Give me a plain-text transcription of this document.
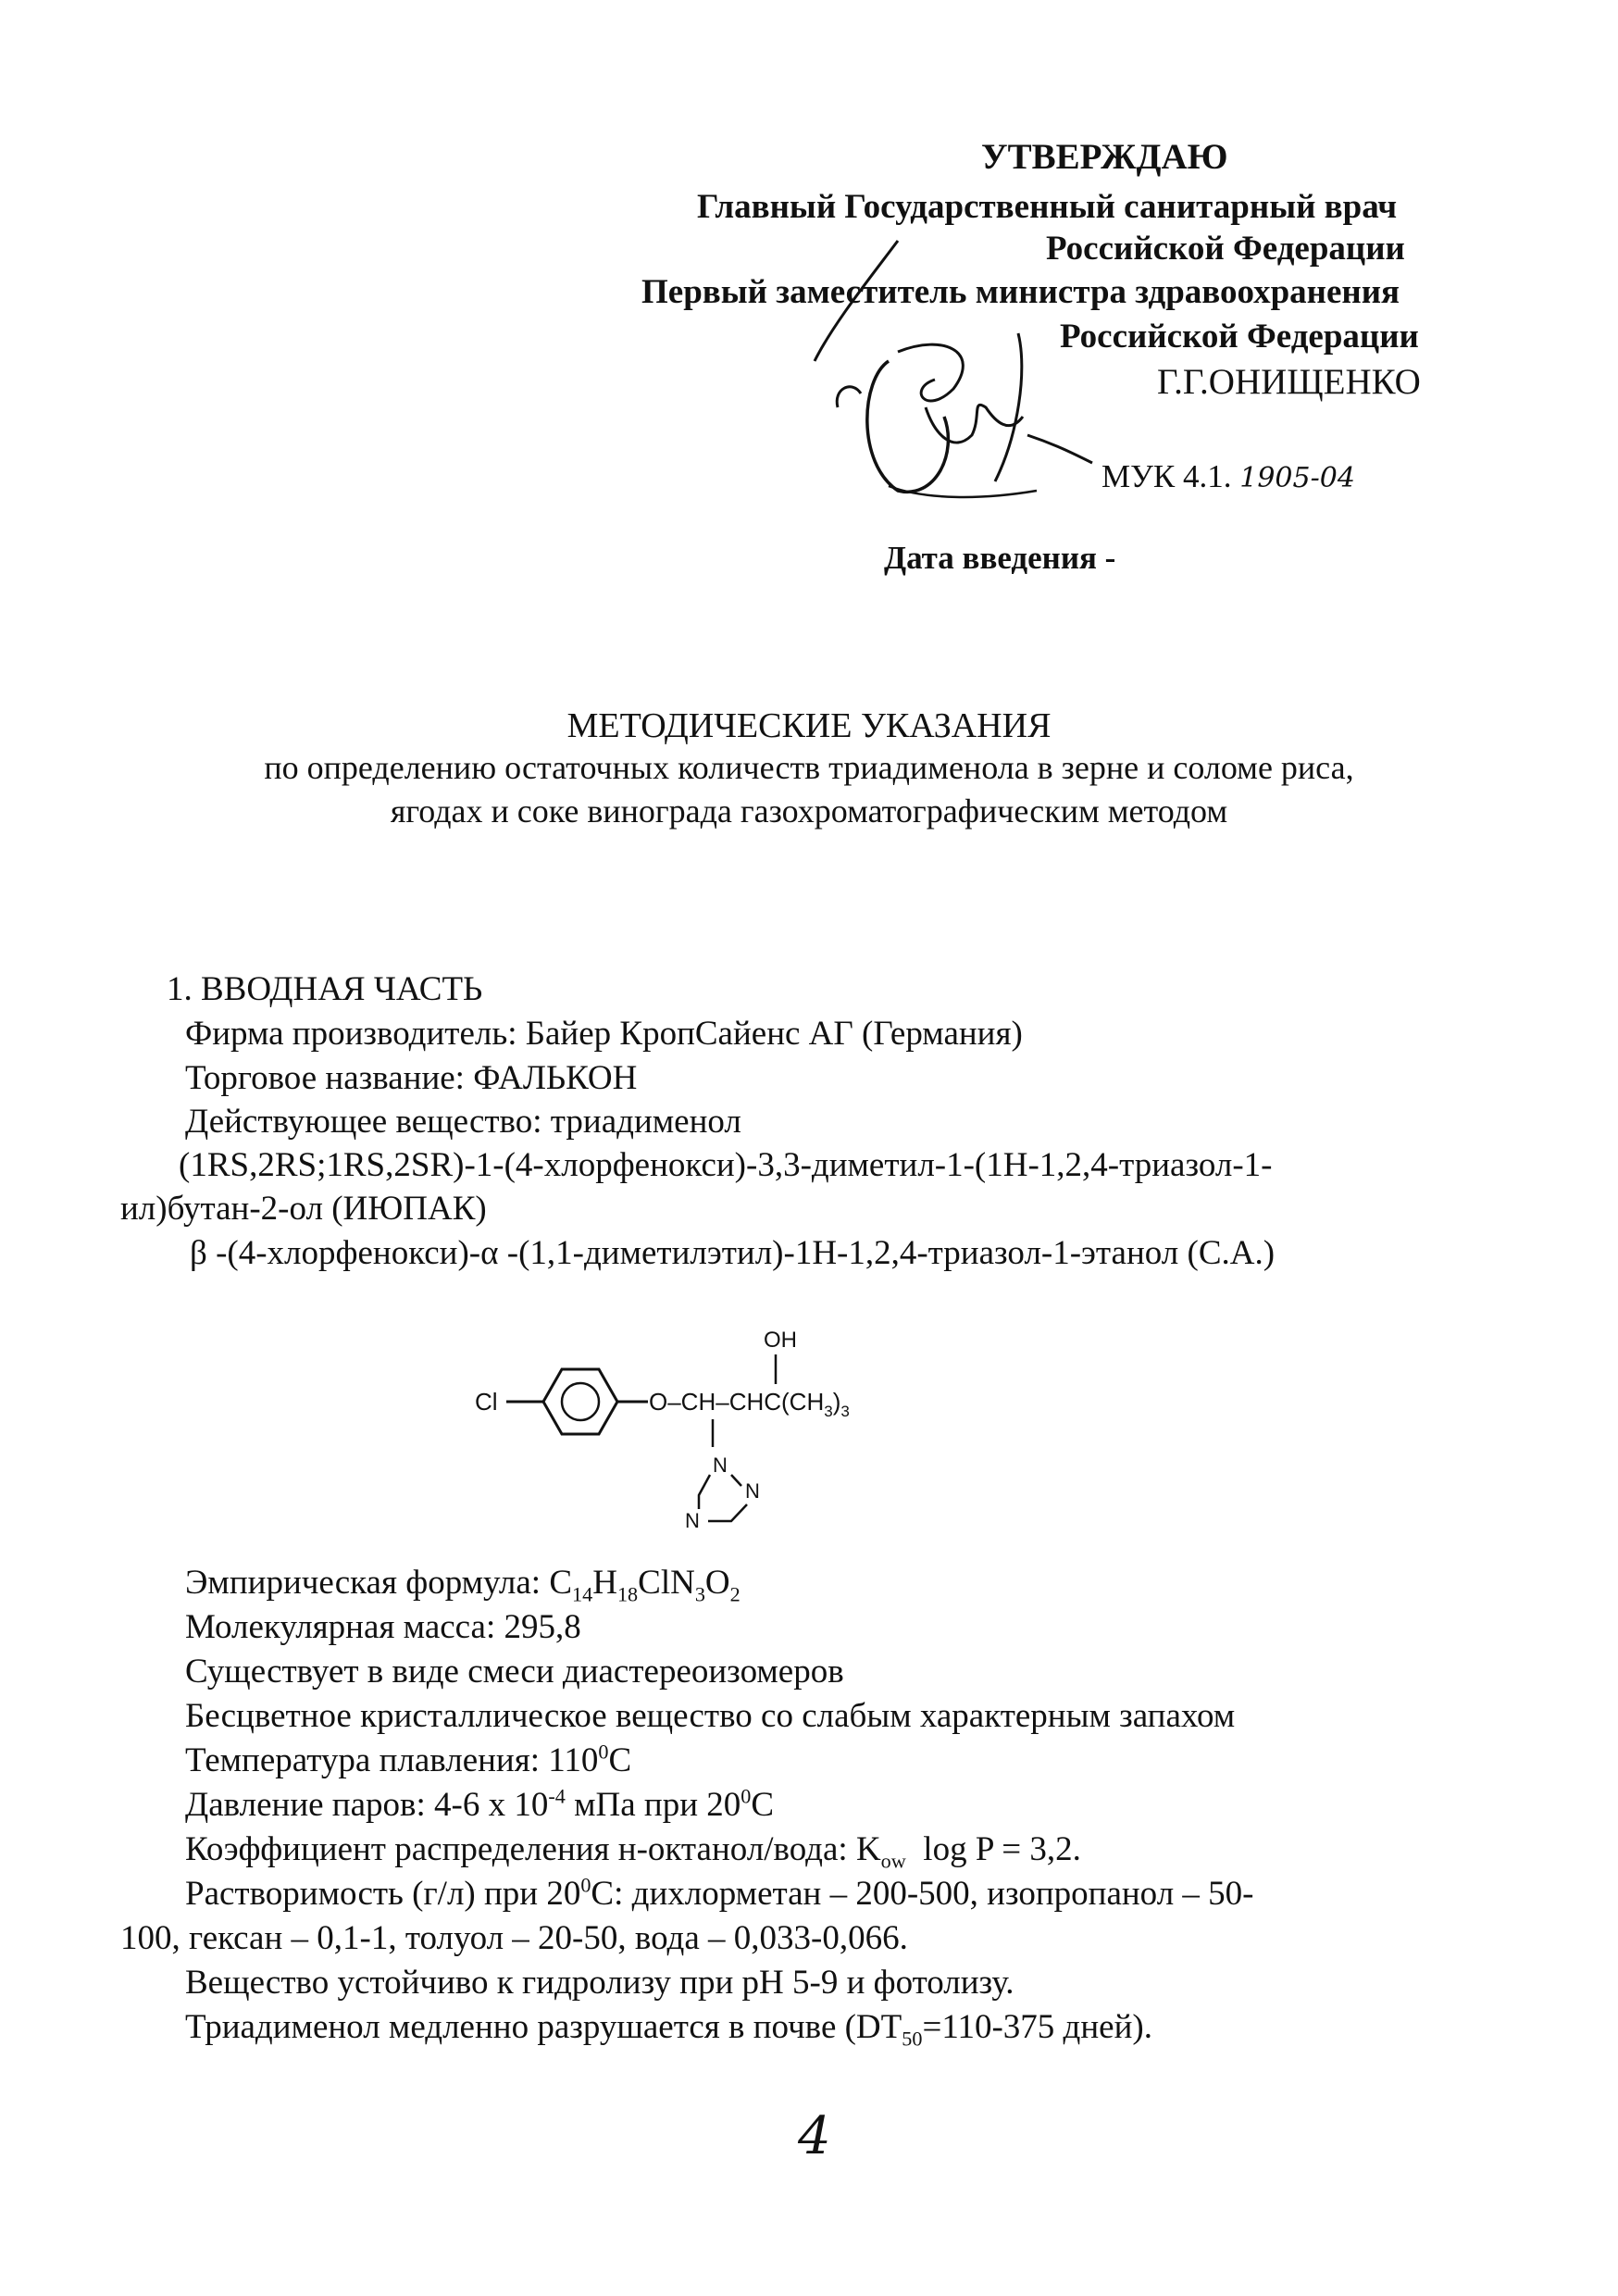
УТВЕРЖДАЮ
Главный Государственный санитарный врач
Российской Федерации
Первый заместитель министра здравоохранения
Российской Федерации
Г.Г.ОНИЩЕНКО
МУК 4.1. 1905-04
Дата введения -
МЕТОДИЧЕСКИЕ УКАЗАНИЯ
по определению остаточных количеств триадименола в зерне и соломе риса,
ягодах и соке винограда газохроматографическим методом
1. ВВОДНАЯ ЧАСТЬ
Фирма производитель: Байер КропСайенс АГ (Германия)
Торговое название: ФАЛЬКОН
Действующее вещество: триадименол
(1RS,2RS;1RS,2SR)-1-(4-хлорфенокси)-3,3-диметил-1-(1Н-1,2,4-триазол-1-
ил)бутан-2-ол (ИЮПАК)
β -(4-хлорфенокси)-α -(1,1-диметилэтил)-1Н-1,2,4-триазол-1-этанол (С.А.)
Cl	$O-CH-CHC(CH_3)_3$
OH
N
N
N
Эмпирическая формула: $C_{14}H_{18}ClN_3O_2$
Молекулярная масса: 295,8
Существует в виде смеси диастереоизомеров
Бесцветное кристаллическое вещество со слабым характерным запахом
Температура плавления: $110^0С$
Давление паров: 4-6 х $10^{-4}$ мПа при $20^0С$
Коэффициент распределения н-октанол/вода: $K_{ow}$  log P = 3,2.
Растворимость (г/л) при $20^0С$: дихлорметан – 200-500, изопропанол – 50-
100, гексан – 0,1-1, толуол – 20-50, вода – 0,033-0,066.
Вещество устойчиво к гидролизу при рН 5-9 и фотолизу.
Триадименол медленно разрушается в почве ($DT_{50}=110-375$ дней).
4
